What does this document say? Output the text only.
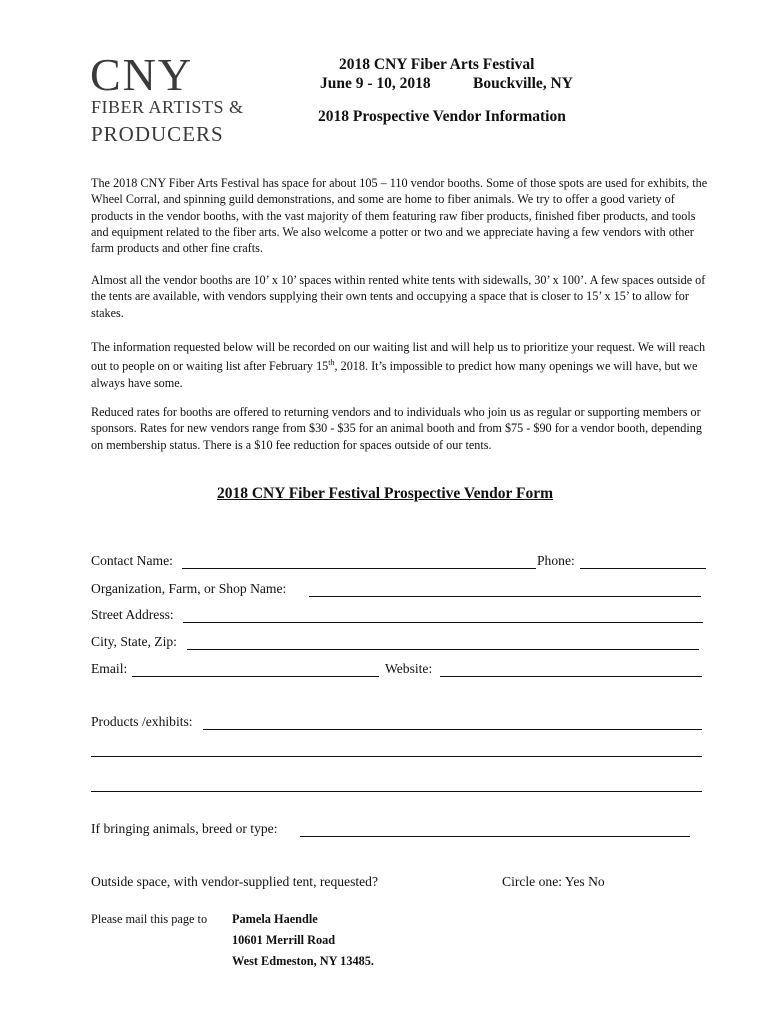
CNY
FIBER ARTISTS &
PRODUCERS
2018 CNY Fiber Arts Festival
June 9 - 10, 2018	Bouckville, NY
2018 Prospective Vendor Information

The 2018 CNY Fiber Arts Festival has space for about 105 – 110 vendor booths. Some of those spots are used for exhibits, the Wheel Corral, and spinning guild demonstrations, and some are home to fiber animals. We try to offer a good variety of products in the vendor booths, with the vast majority of them featuring raw fiber products, finished fiber products, and tools and equipment related to the fiber arts. We also welcome a potter or two and we appreciate having a few vendors with other farm products and other fine crafts.

Almost all the vendor booths are 10’ x 10’ spaces within rented white tents with sidewalls, 30’ x 100’. A few spaces outside of the tents are available, with vendors supplying their own tents and occupying a space that is closer to 15’ x 15’ to allow for stakes.

The information requested below will be recorded on our waiting list and will help us to prioritize your request. We will reach out to people on or waiting list after February 15th, 2018. It’s impossible to predict how many openings we will have, but we always have some.

Reduced rates for booths are offered to returning vendors and to individuals who join us as regular or supporting members or sponsors. Rates for new vendors range from $30 - $35 for an animal booth and from $75 - $90 for a vendor booth, depending on membership status. There is a $10 fee reduction for spaces outside of our tents.

2018 CNY Fiber Festival Prospective Vendor Form
Contact Name:	Phone:
Organization, Farm, or Shop Name:
Street Address:
City, State, Zip:
Email:	Website:
Products /exhibits:
If bringing animals, breed or type:
Outside space, with vendor-supplied tent, requested?	Circle one: Yes No
Please mail this page to Pamela Haendle
10601 Merrill Road
West Edmeston, NY 13485.
